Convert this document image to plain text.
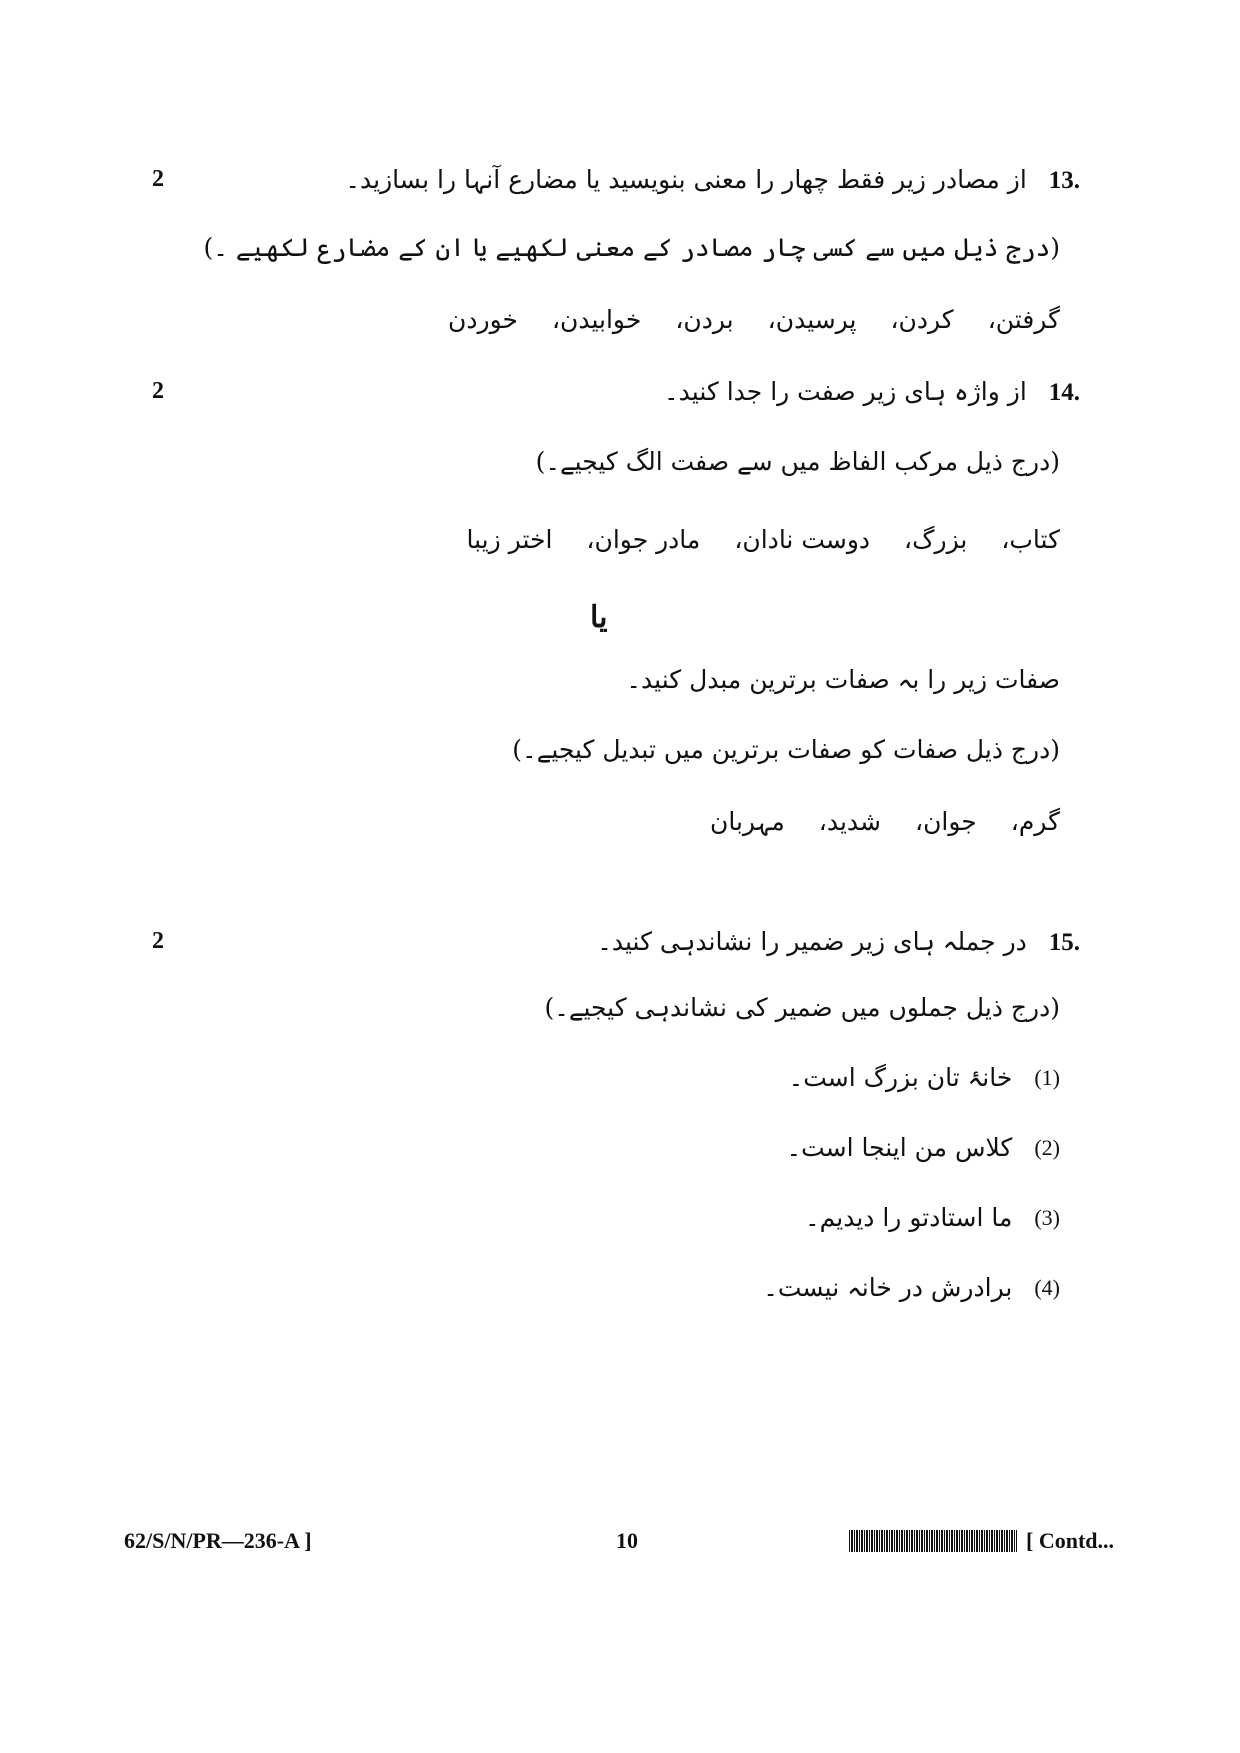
2	13. از مصادر زیر فقط چهار را معنی بنویسید یا مضارع آنہا را بسازید۔
(درج ذیل میں سے کسی چار مصادر کے معنی لکھیے یا ان کے مضارع لکھیے ۔)
گرفتن،
کردن،
پرسیدن،
بردن،
خوابیدن،
خوردن
2	14. از واژہ ہای زیر صفت را جدا کنید۔
(درج ذیل مرکب الفاظ میں سے صفت الگ کیجیے۔)
کتاب،
بزرگ،
دوست نادان،
مادر جوان،
اختر زیبا
یا
صفات زیر را بہ صفات برترین مبدل کنید۔
(درج ذیل صفات کو صفات برترین میں تبدیل کیجیے۔)
گرم،
جوان،
شدید،
مہربان
2	15. در جملہ ہای زیر ضمیر را نشاندہی کنید۔
(درج ذیل جملوں میں ضمیر کی نشاندہی کیجیے۔)
(1)
خانۂ تان بزرگ است۔
(2)
کلاس من اینجا است۔
(3)
ما استادتو را دیدیم۔
(4)
برادرش در خانہ نیست۔
62/S/N/PR—236-A ]	10	[ Contd...
